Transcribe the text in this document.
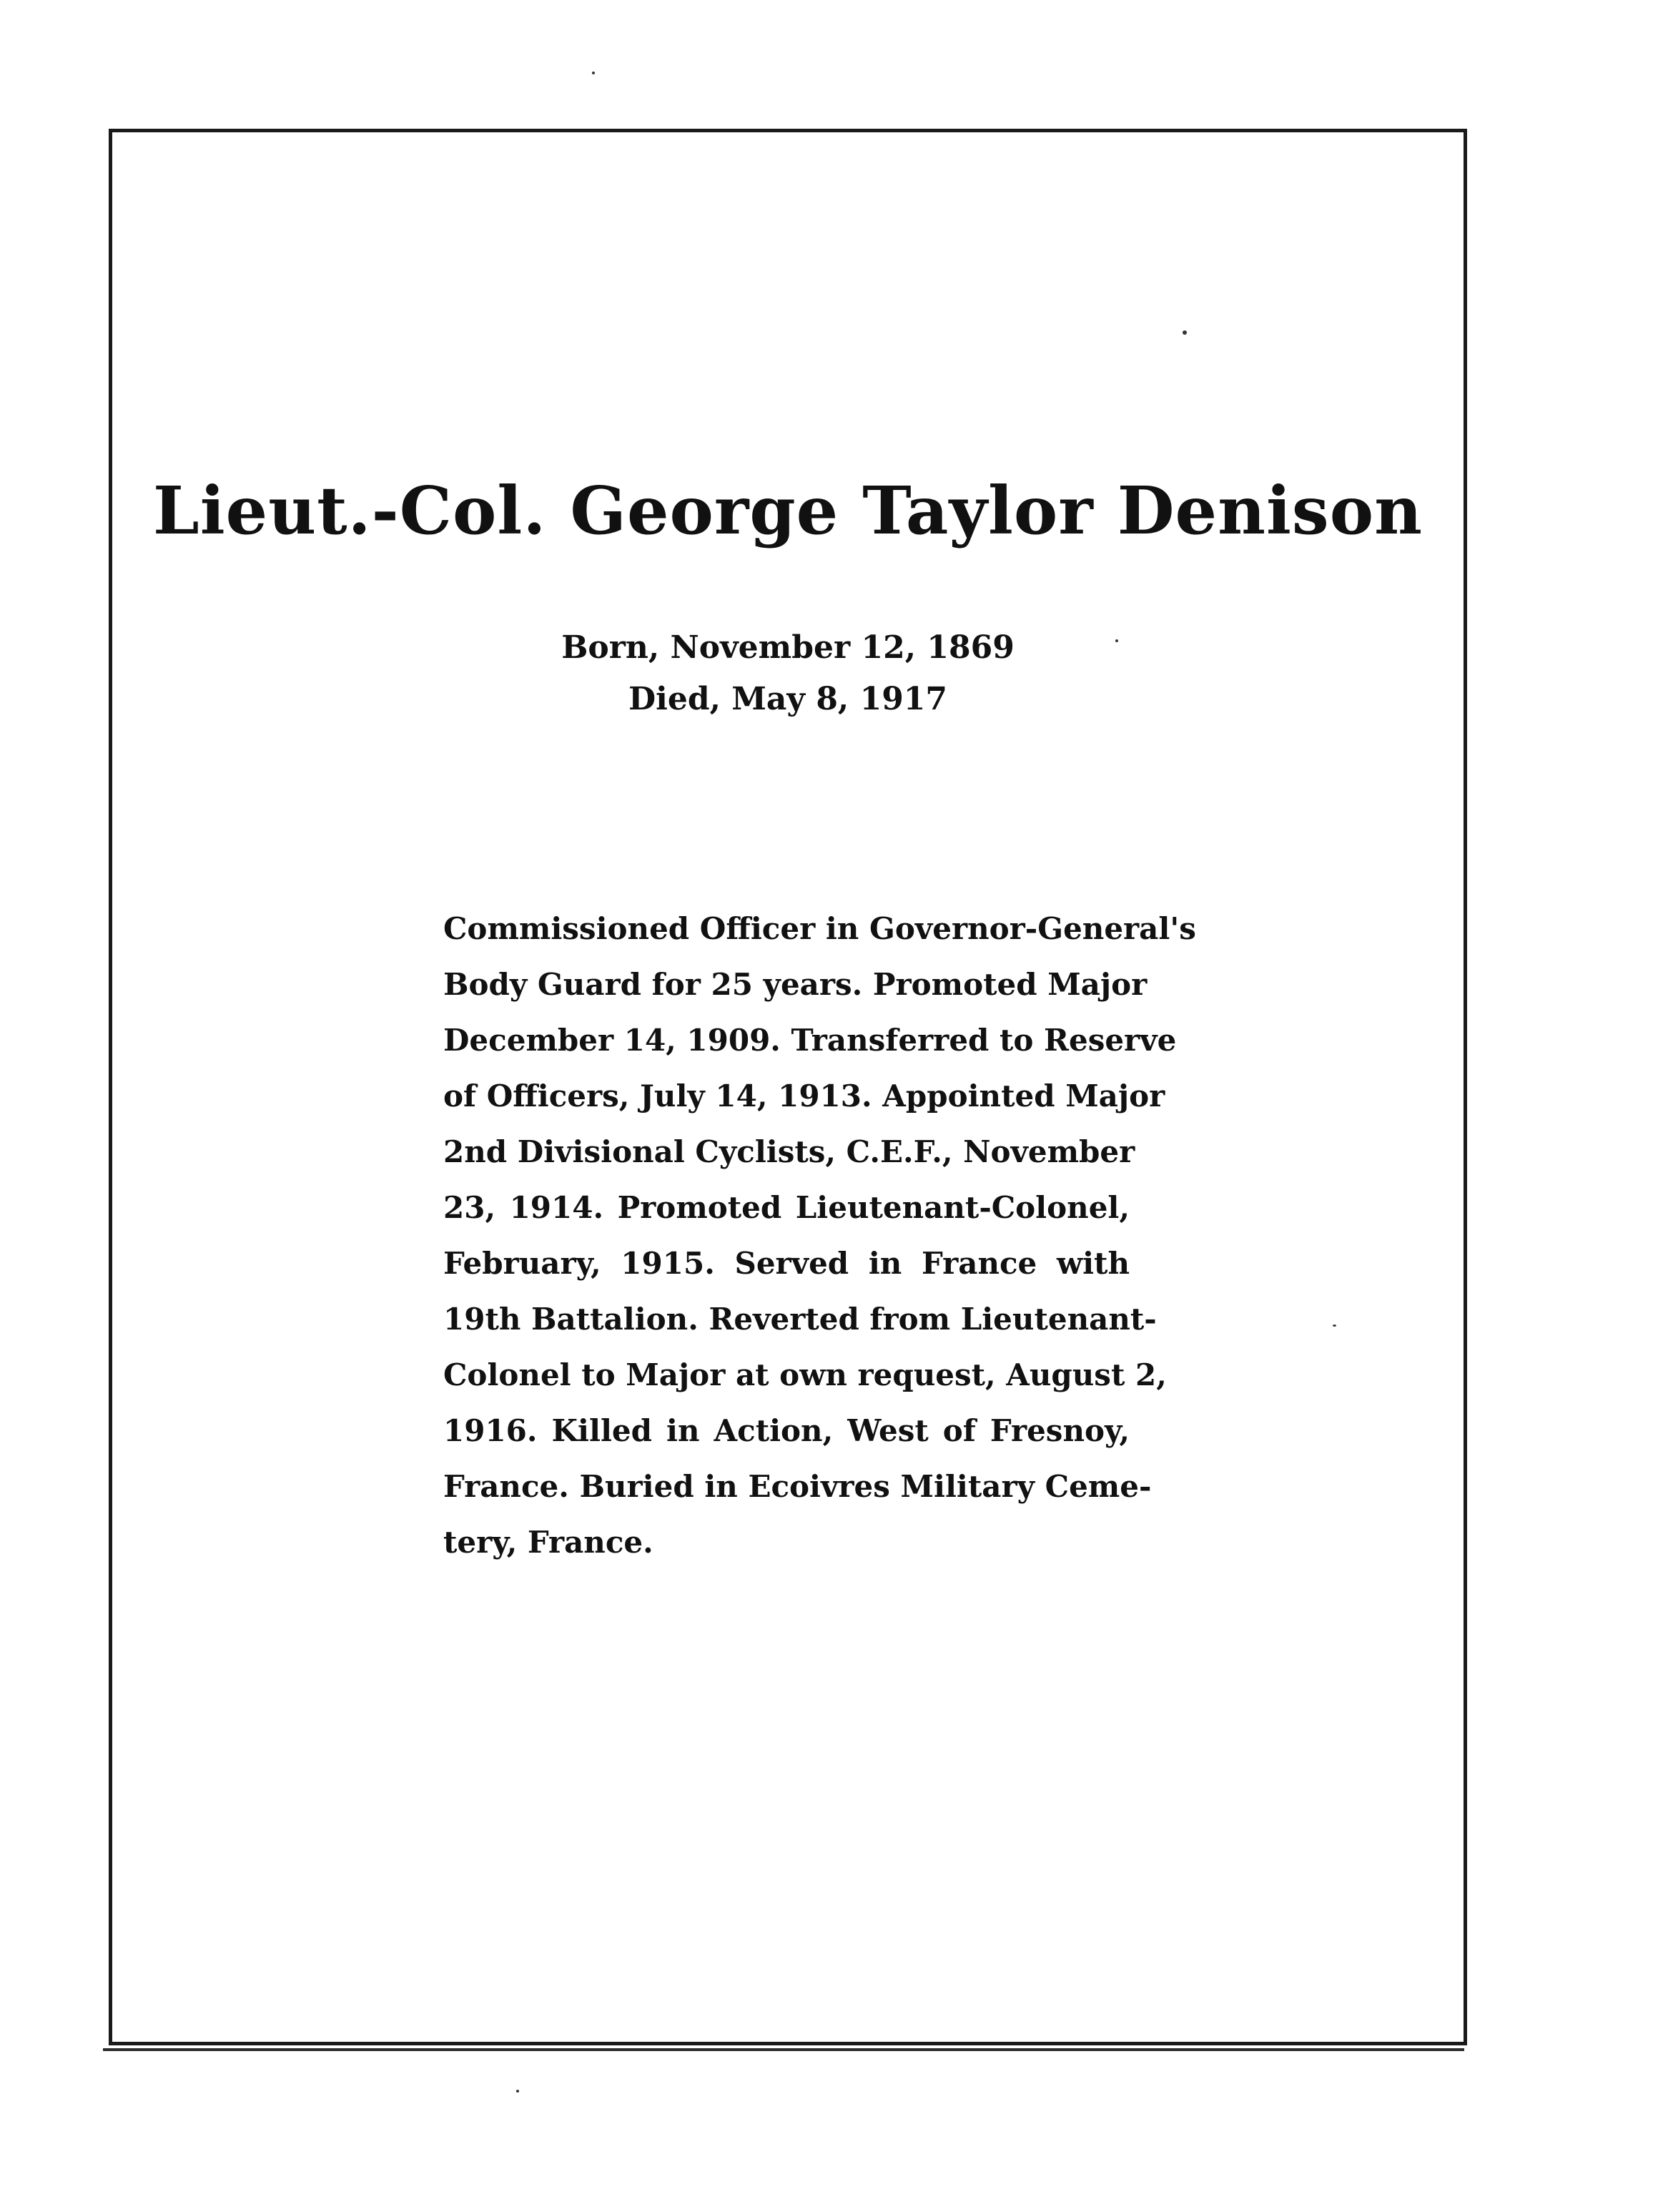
Lieut.-Col. George Taylor Denison
Born, November 12, 1869
Died, May 8, 1917
Commissioned Officer in Governor-General's
Body Guard for 25 years. Promoted Major
December 14, 1909. Transferred to Reserve
of Officers, July 14, 1913. Appointed Major
2nd Divisional Cyclists, C.E.F., November
23, 1914. Promoted Lieutenant-Colonel,
February, 1915. Served in France with
19th Battalion. Reverted from Lieutenant-
Colonel to Major at own request, August 2,
1916. Killed in Action, West of Fresnoy,
France. Buried in Ecoivres Military Ceme-
tery, France.
